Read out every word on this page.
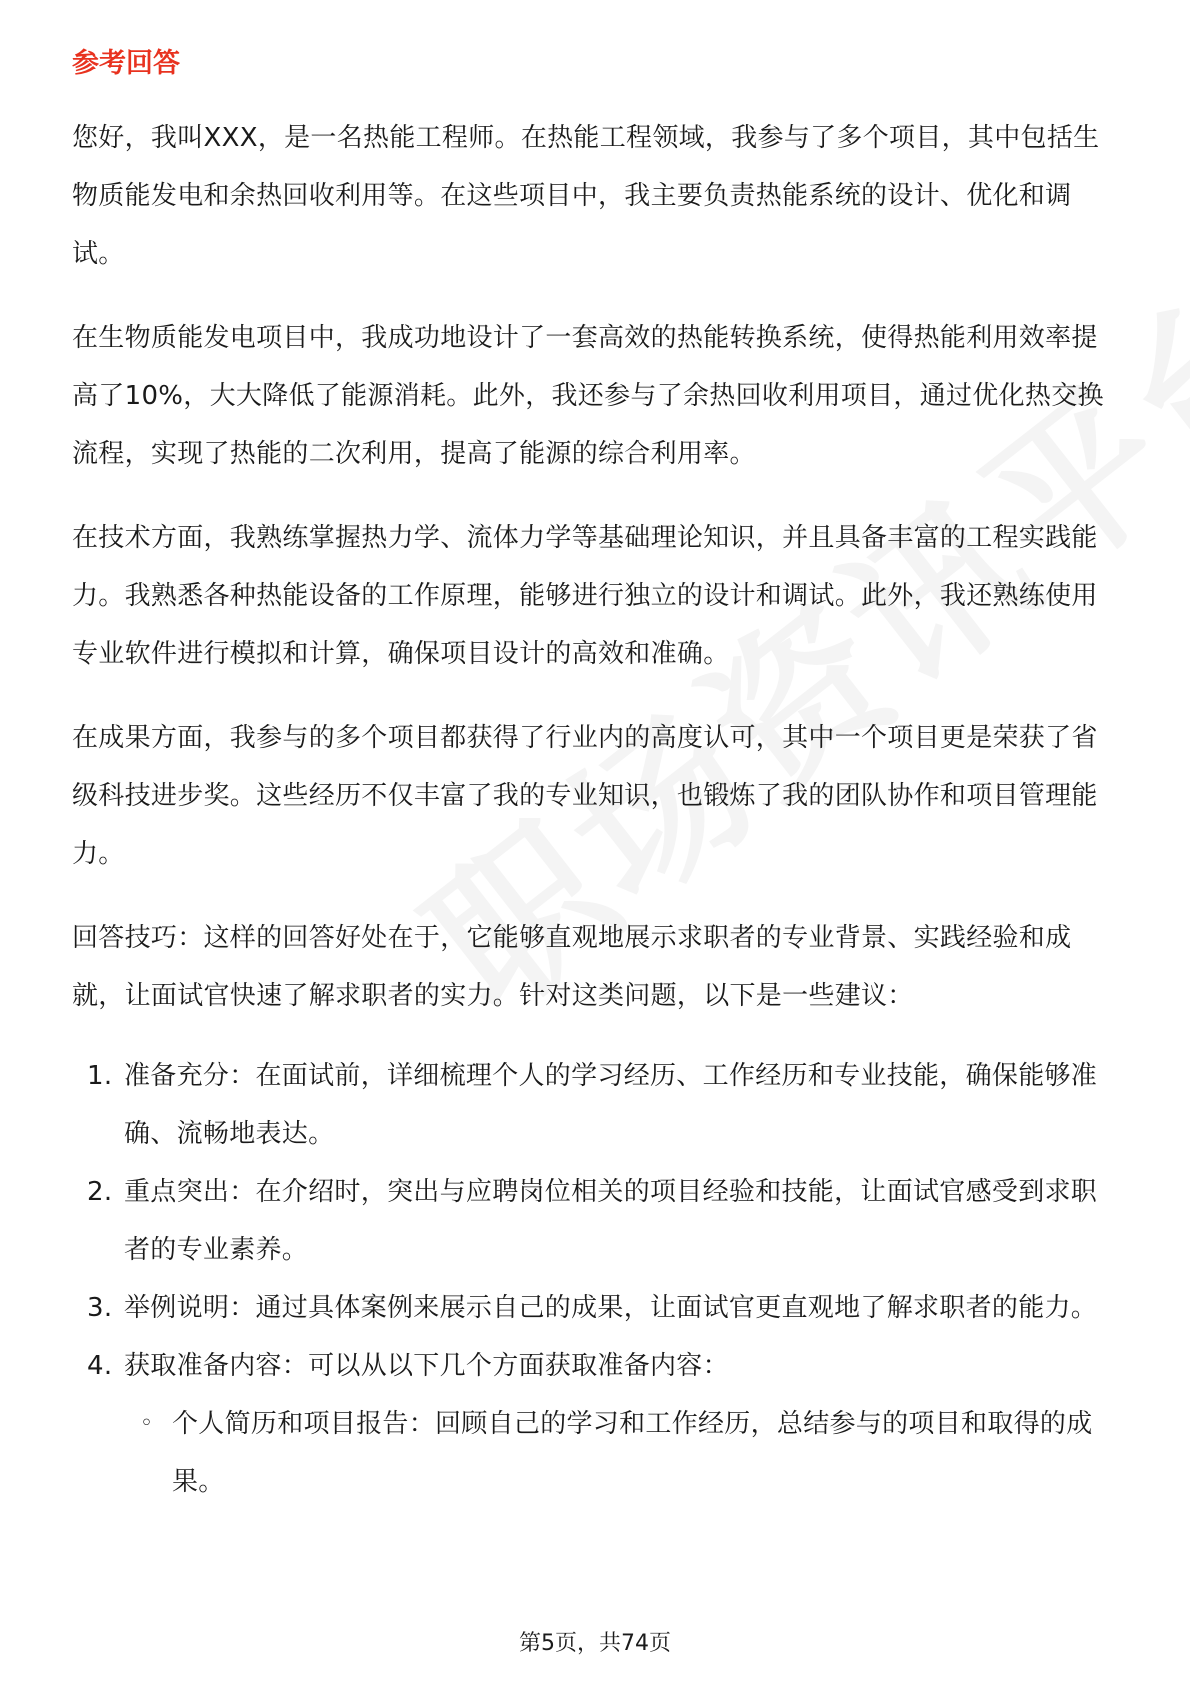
参考回答

您好，我叫XXX，是一名热能工程师。在热能工程领域，我参与了多个项目，其中包括生物质能发电和余热回收利用等。在这些项目中，我主要负责热能系统的设计、优化和调试。

在生物质能发电项目中，我成功地设计了一套高效的热能转换系统，使得热能利用效率提高了10%，大大降低了能源消耗。此外，我还参与了余热回收利用项目，通过优化热交换流程，实现了热能的二次利用，提高了能源的综合利用率。

在技术方面，我熟练掌握热力学、流体力学等基础理论知识，并且具备丰富的工程实践能力。我熟悉各种热能设备的工作原理，能够进行独立的设计和调试。此外，我还熟练使用专业软件进行模拟和计算，确保项目设计的高效和准确。

在成果方面，我参与的多个项目都获得了行业内的高度认可，其中一个项目更是荣获了省级科技进步奖。这些经历不仅丰富了我的专业知识，也锻炼了我的团队协作和项目管理能力。

回答技巧：这样的回答好处在于，它能够直观地展示求职者的专业背景、实践经验和成就，让面试官快速了解求职者的实力。针对这类问题，以下是一些建议：

1. 准备充分：在面试前，详细梳理个人的学习经历、工作经历和专业技能，确保能够准确、流畅地表达。
2. 重点突出：在介绍时，突出与应聘岗位相关的项目经验和技能，让面试官感受到求职者的专业素养。
3. 举例说明：通过具体案例来展示自己的成果，让面试官更直观地了解求职者的能力。
4. 获取准备内容：可以从以下几个方面获取准备内容：
◦ 个人简历和项目报告：回顾自己的学习和工作经历，总结参与的项目和取得的成果。
第5页，共74页
